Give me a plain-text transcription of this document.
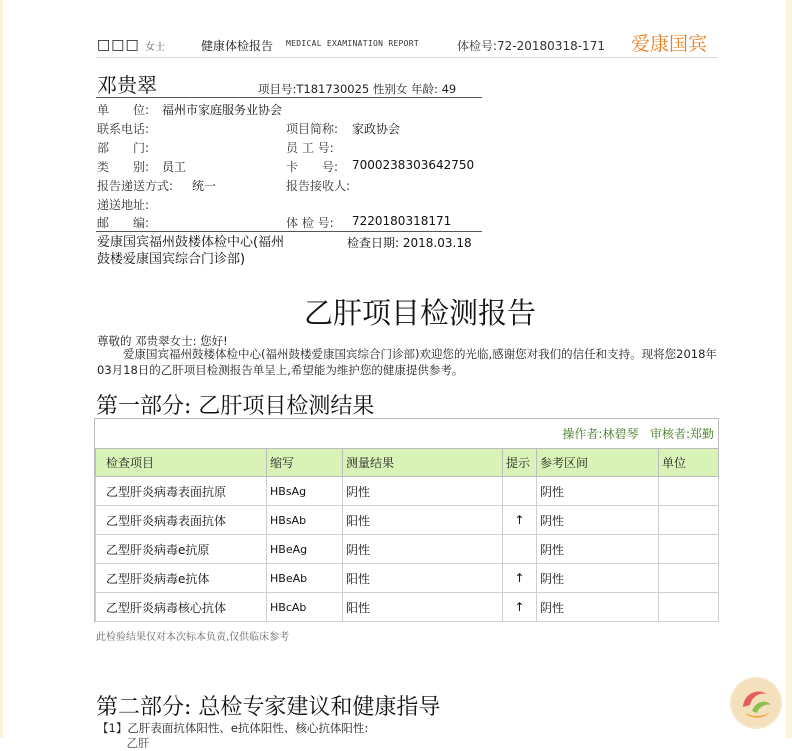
□□□ 女士	健康体检报告 MEDICAL EXAMINATION REPORT	体检号:72-20180318-171 爱康国宾
邓贵翠	项目号:T181730025 性别女 年龄: 49
单　　位: 福州市家庭服务业协会
联系电话:	项目简称: 家政协会
部　　门:	员 工 号:
类　　别: 员工	卡　　号: 7000238303642750
报告递送方式: 统一	报告接收人:
递送地址:
邮　　编:	体 检 号: 7220180318171
爱康国宾福州鼓楼体检中心(福州鼓楼爱康国宾综合门诊部)
检查日期: 2018.03.18
乙肝项目检测报告
尊敬的 邓贵翠女士: 您好!
爱康国宾福州鼓楼体检中心(福州鼓楼爱康国宾综合门诊部)欢迎您的光临,感谢您对我们的信任和支持。现将您2018年03月18日的乙肝项目检测报告单呈上,希望能为维护您的健康提供参考。
第一部分: 乙肝项目检测结果
操作者:林碧琴 审核者:郑勤
检查项目	缩写	测量结果	提示	参考区间	单位
乙型肝炎病毒表面抗原	HBsAg	阴性		阴性	
乙型肝炎病毒表面抗体	HBsAb	阳性	↑	阴性	
乙型肝炎病毒e抗原	HBeAg	阴性		阴性	
乙型肝炎病毒e抗体	HBeAb	阳性	↑	阴性	
乙型肝炎病毒核心抗体	HBcAb	阳性	↑	阴性	
此检验结果仅对本次标本负责,仅供临床参考
第二部分: 总检专家建议和健康指导
【1】乙肝表面抗体阳性、e抗体阳性、核心抗体阳性:
　乙肝
